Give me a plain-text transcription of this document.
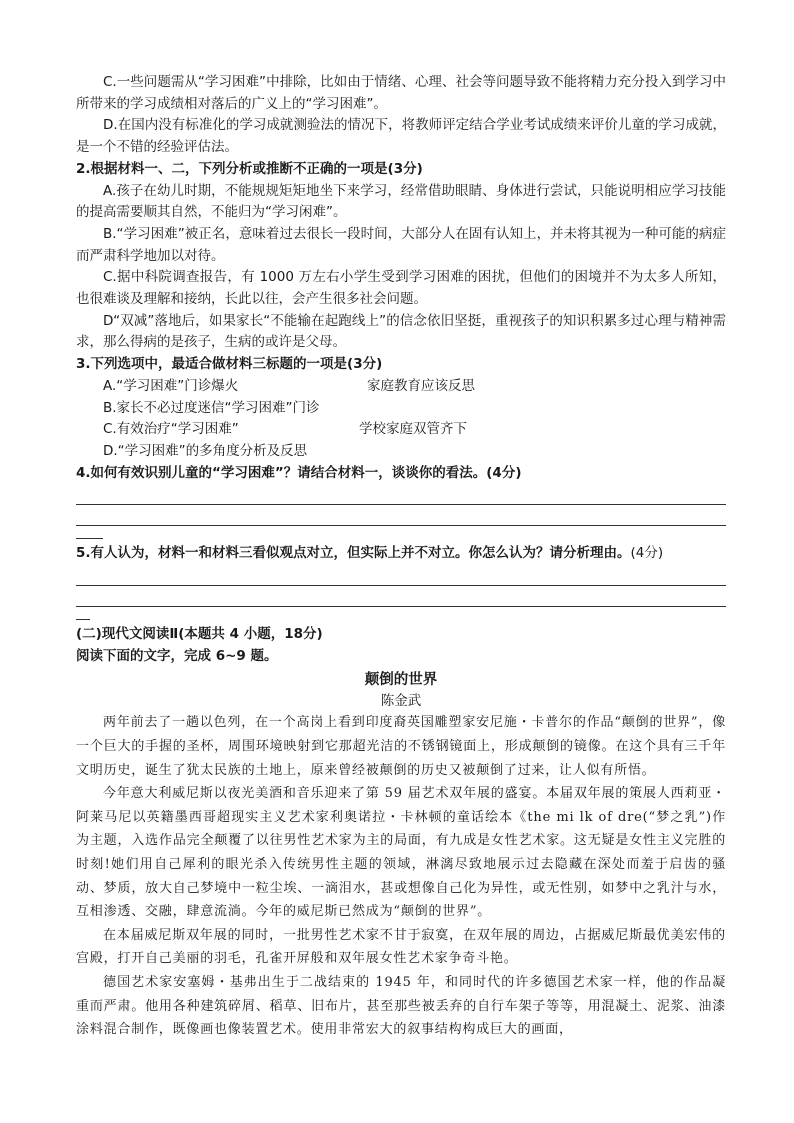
C.一些问题需从“学习困难”中排除，比如由于情绪、心理、社会等问题导致不能将精力充分投入到学习中所带来的学习成绩相对落后的广义上的“学习困难”。

D.在国内没有标准化的学习成就测验法的情况下，将教师评定结合学业考试成绩来评价儿童的学习成就，是一个不错的经验评估法。

2.根据材料一、二，下列分析或推断不正确的一项是(3分)

A.孩子在幼儿时期，不能规规矩矩地坐下来学习，经常借助眼睛、身体进行尝试，只能说明相应学习技能的提高需要顺其自然，不能归为“学习闲难”。

B.“学习困难”被正名，意味着过去很长一段时间，大部分人在固有认知上，并未将其视为一种可能的病症而严肃科学地加以对待。

C.据中科院调查报告，有 1000 万左右小学生受到学习困难的困扰，但他们的困境并不为太多人所知，也很难谈及理解和接纳，长此以往，会产生很多社会问题。

D“双减”落地后，如果家长“不能输在起跑线上”的信念依旧坚挺，重视孩子的知识积累多过心理与精神需求，那么得病的是孩子，生病的或许是父母。

3.下列选项中，最适合做材料三标题的一项是(3分)

A.“学习困难”门诊爆火	家庭教育应该反思

B.家长不必过度迷信“学习困难”门诊

C.有效治疗“学习困难”	学校家庭双管齐下

D.“学习困难”的多角度分析及反思

4.如何有效识别儿童的“学习困难”？请结合材料一，谈谈你的看法。(4分)

5.有人认为，材料一和材料三看似观点对立，但实际上并不对立。你怎么认为？请分析理由。(4分)

(二)现代文阅读Ⅱ(本题共 4 小题，18分)

阅读下面的文字，完成 6~9 题。

颠倒的世界

陈金武

两年前去了一趟以色列，在一个高岗上看到印度裔英国雕塑家安尼施・卡普尔的作品“颠倒的世界”，像一个巨大的手握的圣杯，周围环境映射到它那超光洁的不锈钢镜面上，形成颠倒的镜像。在这个具有三千年文明历史，诞生了犹太民族的土地上，原来曾经被颠倒的历史又被颠倒了过来，让人似有所悟。

今年意大利威尼斯以夜光美酒和音乐迎来了第 59 届艺术双年展的盛宴。本届双年展的策展人西莉亚・阿莱马尼以英籍墨西哥超现实主义艺术家利奥诺拉・卡林顿的童话绘本《the mi lk of dre(“梦之乳”)作为主题，入选作品完全颠覆了以往男性艺术家为主的局面，有九成是女性艺术家。这无疑是女性主义完胜的时刻!她们用自己犀利的眼光杀入传统男性主题的领域，淋漓尽致地展示过去隐藏在深处而羞于启齿的骚动、梦质，放大自己梦境中一粒尘埃、一滴泪水，甚或想像自己化为异性，或无性别，如梦中之乳汁与水，互相渗透、交融，肆意流淌。今年的威尼斯已然成为“颠倒的世界”。

在本届威尼斯双年展的同时，一批男性艺术家不甘于寂寞，在双年展的周边，占据威尼斯最优美宏伟的宫殿，打开自己美丽的羽毛，孔雀开屏般和双年展女性艺术家争奇斗艳。

德国艺术家安塞姆・基弗出生于二战结束的 1945 年，和同时代的许多德国艺术家一样，他的作品凝重而严肃。他用各种建筑碎屑、稻草、旧布片，甚至那些被丢弃的自行车架子等等，用混凝土、泥浆、油漆涂料混合制作，既像画也像装置艺术。使用非常宏大的叙事结构构成巨大的画面，
